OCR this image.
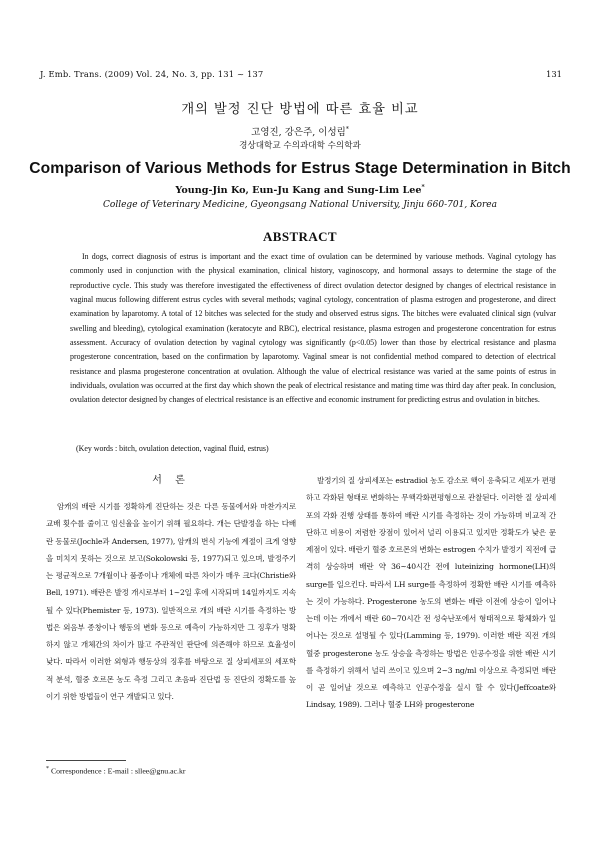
J. Emb. Trans. (2009) Vol. 24, No. 3, pp. 131 ~ 137	131
개의 발정 진단 방법에 따른 효율 비교
고영진, 강은주, 이성림*
경상대학교 수의과대학 수의학과
Comparison of Various Methods for Estrus Stage Determination in Bitch
Young-Jin Ko, Eun-Ju Kang and Sung-Lim Lee*
College of Veterinary Medicine, Gyeongsang National University, Jinju 660-701, Korea
ABSTRACT

In dogs, correct diagnosis of estrus is important and the exact time of ovulation can be determined by variouse methods. Vaginal cytology has commonly used in conjunction with the physical examination, clinical history, vaginoscopy, and hormonal assays to determine the stage of the reproductive cycle. This study was therefore investigated the effectiveness of direct ovulation detector designed by changes of electrical resistance in vaginal mucus following different estrus cycles with several methods; vaginal cytology, concentration of plasma estrogen and progesterone, and direct examination by laparotomy. A total of 12 bitches was selected for the study and observed estrus signs. The bitches were evaluated clinical sign (vulvar swelling and bleeding), cytological examination (keratocyte and RBC), electrical resistance, plasma estrogen and progesterone concentration for estrus assessment. Accuracy of ovulation detection by vaginal cytology was significantly (p<0.05) lower than those by electrical resistance and plasma progesterone concentration, based on the confirmation by laparotomy. Vaginal smear is not confidential method compared to detection of electrical resistance and plasma progesterone concentration at ovulation. Although the value of electrical resistance was varied at the same points of estrus in individuals, ovulation was occurred at the first day which shown the peak of electrical resistance and mating time was third day after peak. In conclusion, ovulation detector designed by changes of electrical resistance is an effective and economic instrument for predicting estrus and ovulation in bitches.

(Key words : bitch, ovulation detection, vaginal fluid, estrus)
서 론

암캐의 배란 시기를 정확하게 진단하는 것은 다른 동물에서와 마찬가지로 교배 횟수를 줄이고 임신율을 높이기 위해 필요하다. 개는 단발정을 하는 다배란 동물로(Jochle과 Andersen, 1977), 암캐의 번식 기능에 계절이 크게 영향을 미치지 못하는 것으로 보고(Sokolowski 등, 1977)되고 있으며, 발정주기는 평균적으로 7개월이나 품종이나 개체에 따른 차이가 매우 크다(Christie와 Bell, 1971). 배란은 발정 개시로부터 1~2일 후에 시작되며 14일까지도 지속될 수 있다(Phemister 등, 1973). 일반적으로 개의 배란 시기를 측정하는 방법은 외음부 종창이나 행동의 변화 등으로 예측이 가능하지만 그 징후가 명확하지 않고 개체간의 차이가 많고 주관적인 판단에 의존해야 하므로 효율성이 낮다. 따라서 이러한 외형과 행동상의 징후를 바탕으로 질 상피세포의 세포학적 분석, 혈중 호르몬 농도 측정 그리고 초음파 진단법 등 진단의 정확도를 높이기 위한 방법들이 연구 개발되고 있다.

발정기의 질 상피세포는 estradiol 농도 감소로 핵이 응축되고 세포가 편평하고 각화된 형태로 변화하는 무핵각화편평형으로 관찰된다. 이러한 질 상피세포의 각화 진행 상태를 통하여 배란 시기를 측정하는 것이 가능하며 비교적 간단하고 비용이 저렴한 장점이 있어서 널리 이용되고 있지만 정확도가 낮은 문제점이 있다. 배란기 혈중 호르몬의 변화는 estrogen 수치가 발정기 직전에 급격히 상승하며 배란 약 36~40시간 전에 luteinizing hormone(LH)의 surge를 일으킨다. 따라서 LH surge를 측정하여 정확한 배란 시기를 예측하는 것이 가능하다. Progesterone 농도의 변화는 배란 이전에 상승이 일어나는데 이는 개에서 배란 60~70시간 전 성숙난포에서 형태적으로 황체화가 일어나는 것으로 설명될 수 있다(Lamming 등, 1979). 이러한 배란 직전 개의 혈중 progesterone 농도 상승을 측정하는 방법은 인공수정을 위한 배란 시기를 측정하기 위해서 널리 쓰이고 있으며 2~3 ng/ml 이상으로 측정되면 배란이 곧 일어날 것으로 예측하고 인공수정을 실시 할 수 있다(Jeffcoate와 Lindsay, 1989). 그러나 혈중 LH와 progesterone

* Correspondence : E-mail : sllee@gnu.ac.kr
